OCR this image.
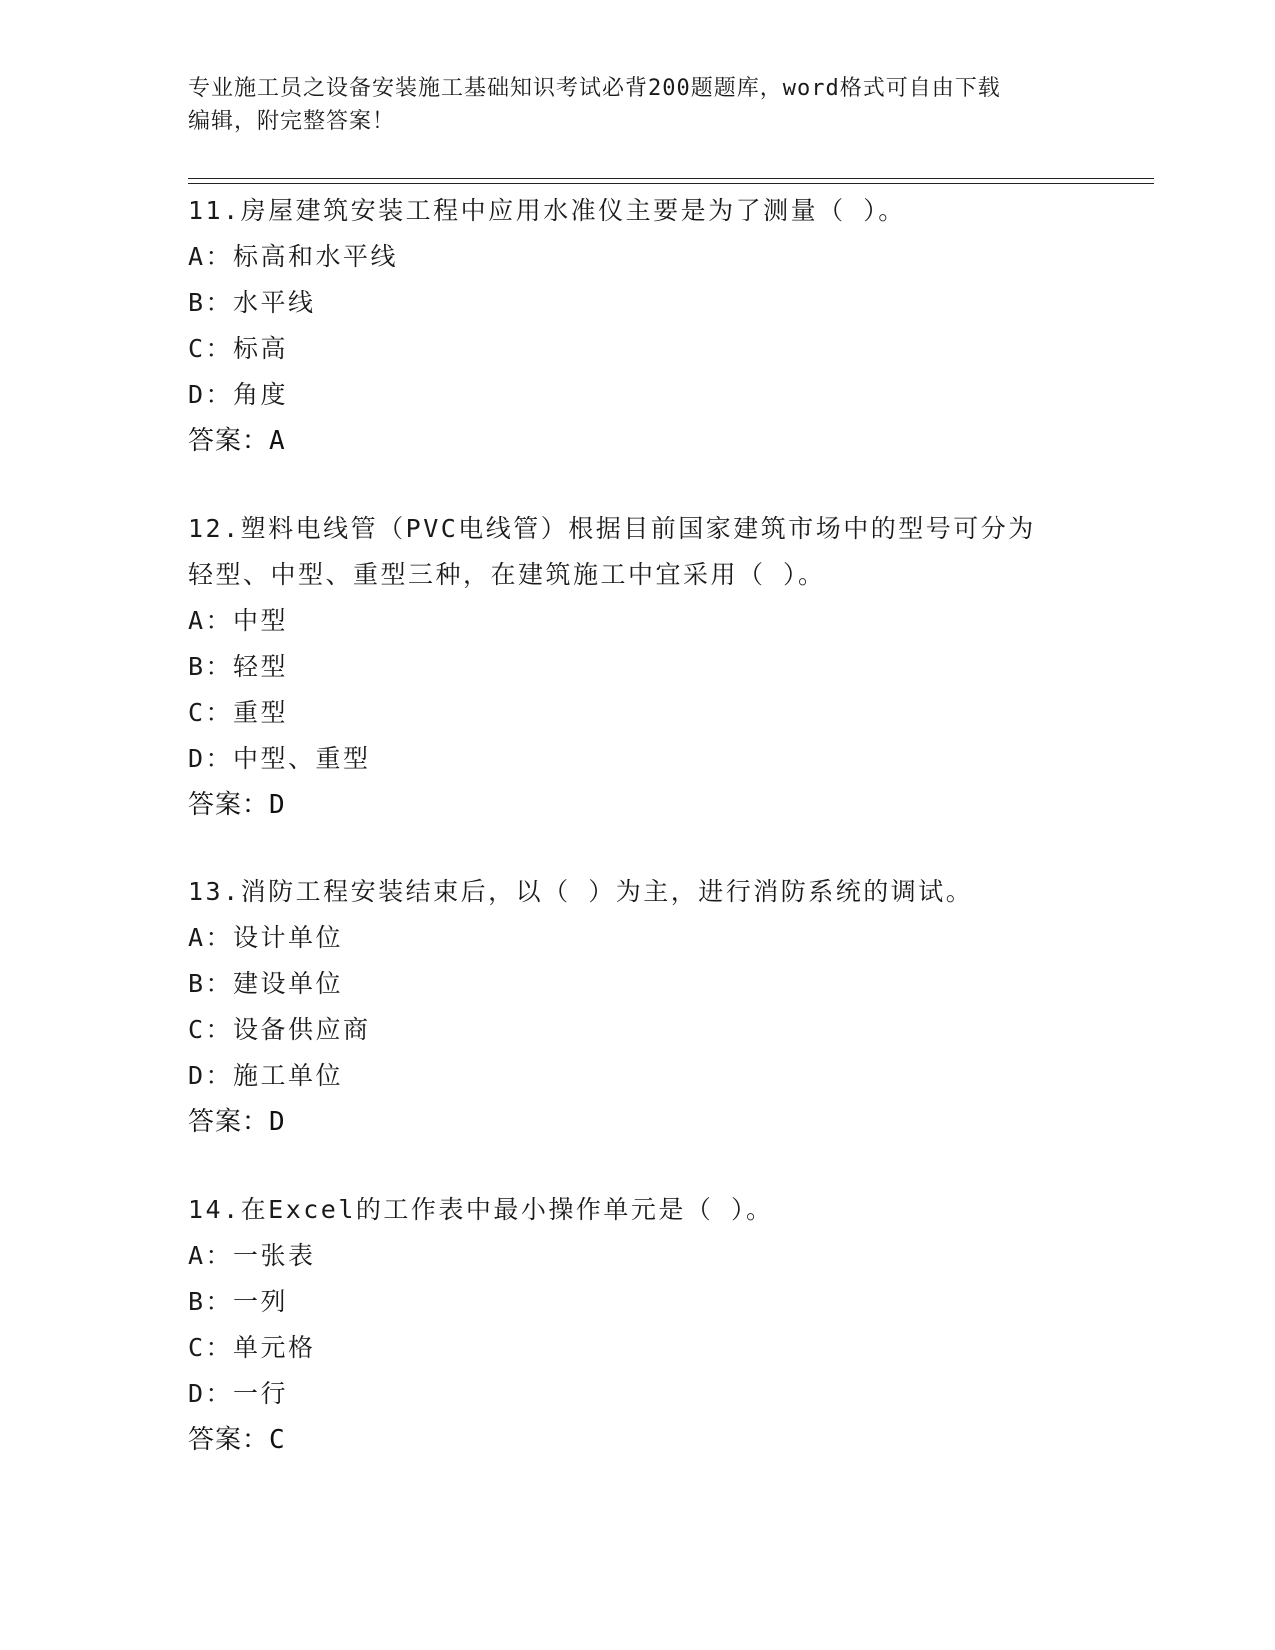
专业施工员之设备安装施工基础知识考试必背200题题库，word格式可自由下载
编辑，附完整答案！

11.房屋建筑安装工程中应用水准仪主要是为了测量（ ）。

A：标高和水平线

B：水平线

C：标高

D：角度

答案：A

12.塑料电线管（PVC电线管）根据目前国家建筑市场中的型号可分为

轻型、中型、重型三种，在建筑施工中宜采用（ ）。

A：中型

B：轻型

C：重型

D：中型、重型

答案：D

13.消防工程安装结束后，以（ ）为主，进行消防系统的调试。

A：设计单位

B：建设单位

C：设备供应商

D：施工单位

答案：D

14.在Excel的工作表中最小操作单元是（ ）。

A：一张表

B：一列

C：单元格

D：一行

答案：C
